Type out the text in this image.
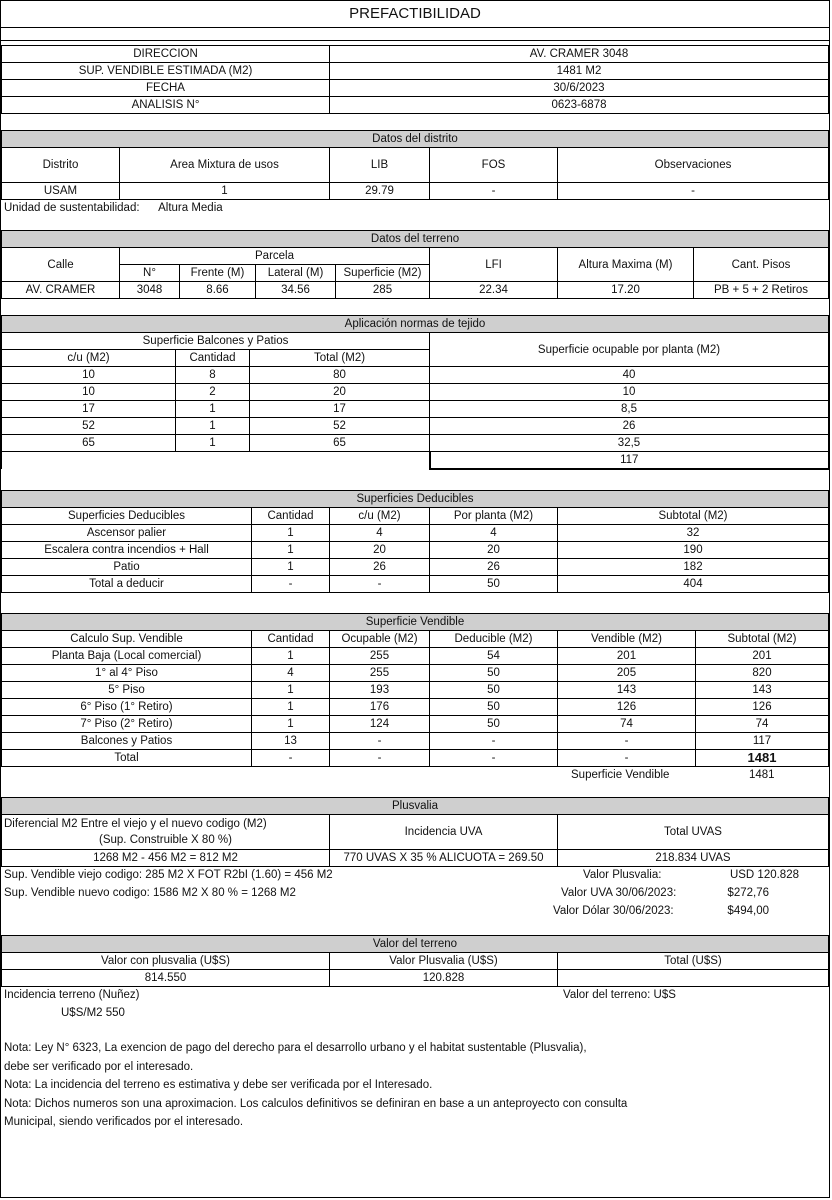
PREFACTIBILIDAD
DIRECCION	AV. CRAMER 3048
SUP. VENDIBLE ESTIMADA (M2)	1481 M2
FECHA	30/6/2023
ANALISIS N°	0623-6878
Datos del distrito				
Distrito	Area Mixtura de usos	LIB	FOS	Observaciones
USAM	1	29.79	-	-
Unidad de sustentabilidad: Altura Media
Datos del terreno							
Calle	Parcela				LFI	Altura Maxima (M)	Cant. Pisos
	N°	Frente (M)	Lateral (M)	Superficie (M2)			
AV. CRAMER	3048	8.66	34.56	285	22.34	17.20	PB + 5 + 2 Retiros
Aplicación normas de tejido			
Superficie Balcones y Patios			Superficie ocupable por planta (M2)
c/u (M2)	Cantidad	Total (M2)	
10	8	80	40
10	2	20	10
17	1	17	8,5
52	1	52	26
65	1	65	32,5
			117
Superficies Deducibles				
Superficies Deducibles	Cantidad	c/u (M2)	Por planta (M2)	Subtotal (M2)
Ascensor palier	1	4	4	32
Escalera contra incendios + Hall	1	20	20	190
Patio	1	26	26	182
Total a deducir	-	-	50	404
Superficie Vendible					
Calculo Sup. Vendible	Cantidad	Ocupable (M2)	Deducible (M2)	Vendible (M2)	Subtotal (M2)
Planta Baja (Local comercial)	1	255	54	201	201
1° al 4° Piso	4	255	50	205	820
5° Piso	1	193	50	143	143
6° Piso (1° Retiro)	1	176	50	126	126
7° Piso (2° Retiro)	1	124	50	74	74
Balcones y Patios	13	-	-	-	117
Total	-	-	-	-	1481
Superficie Vendible	1481
Plusvalia		

Diferencial M2 Entre el viejo y el nuevo codigo (M2)
(Sup. Construible X 80 %)	Incidencia UVA	Total UVAS
1268 M2 - 456 M2 = 812 M2	770 UVAS X 35 % ALICUOTA = 269.50	218.834 UVAS
Sup. Vendible viejo codigo: 285 M2 X FOT R2bI (1.60) = 456 M2
Sup. Vendible nuevo codigo: 1586 M2 X 80 % = 1268 M2
Valor Plusvalia:	USD 120.828
Valor UVA 30/06/2023:	$272,76
Valor Dólar 30/06/2023:	$494,00
Valor del terreno		
Valor con plusvalia (U$S)	Valor Plusvalia (U$S)	Total (U$S)
814.550	120.828	
Incidencia terreno (Nuñez)
U$S/M2 550
Valor del terreno: U$S
Nota: Ley N° 6323, La exencion de pago del derecho para el desarrollo urbano y el habitat sustentable (Plusvalia),
debe ser verificado por el interesado.
Nota: La incidencia del terreno es estimativa y debe ser verificada por el Interesado.
Nota: Dichos numeros son una aproximacion. Los calculos definitivos se definiran en base a un anteproyecto con consulta
Municipal, siendo verificados por el interesado.
